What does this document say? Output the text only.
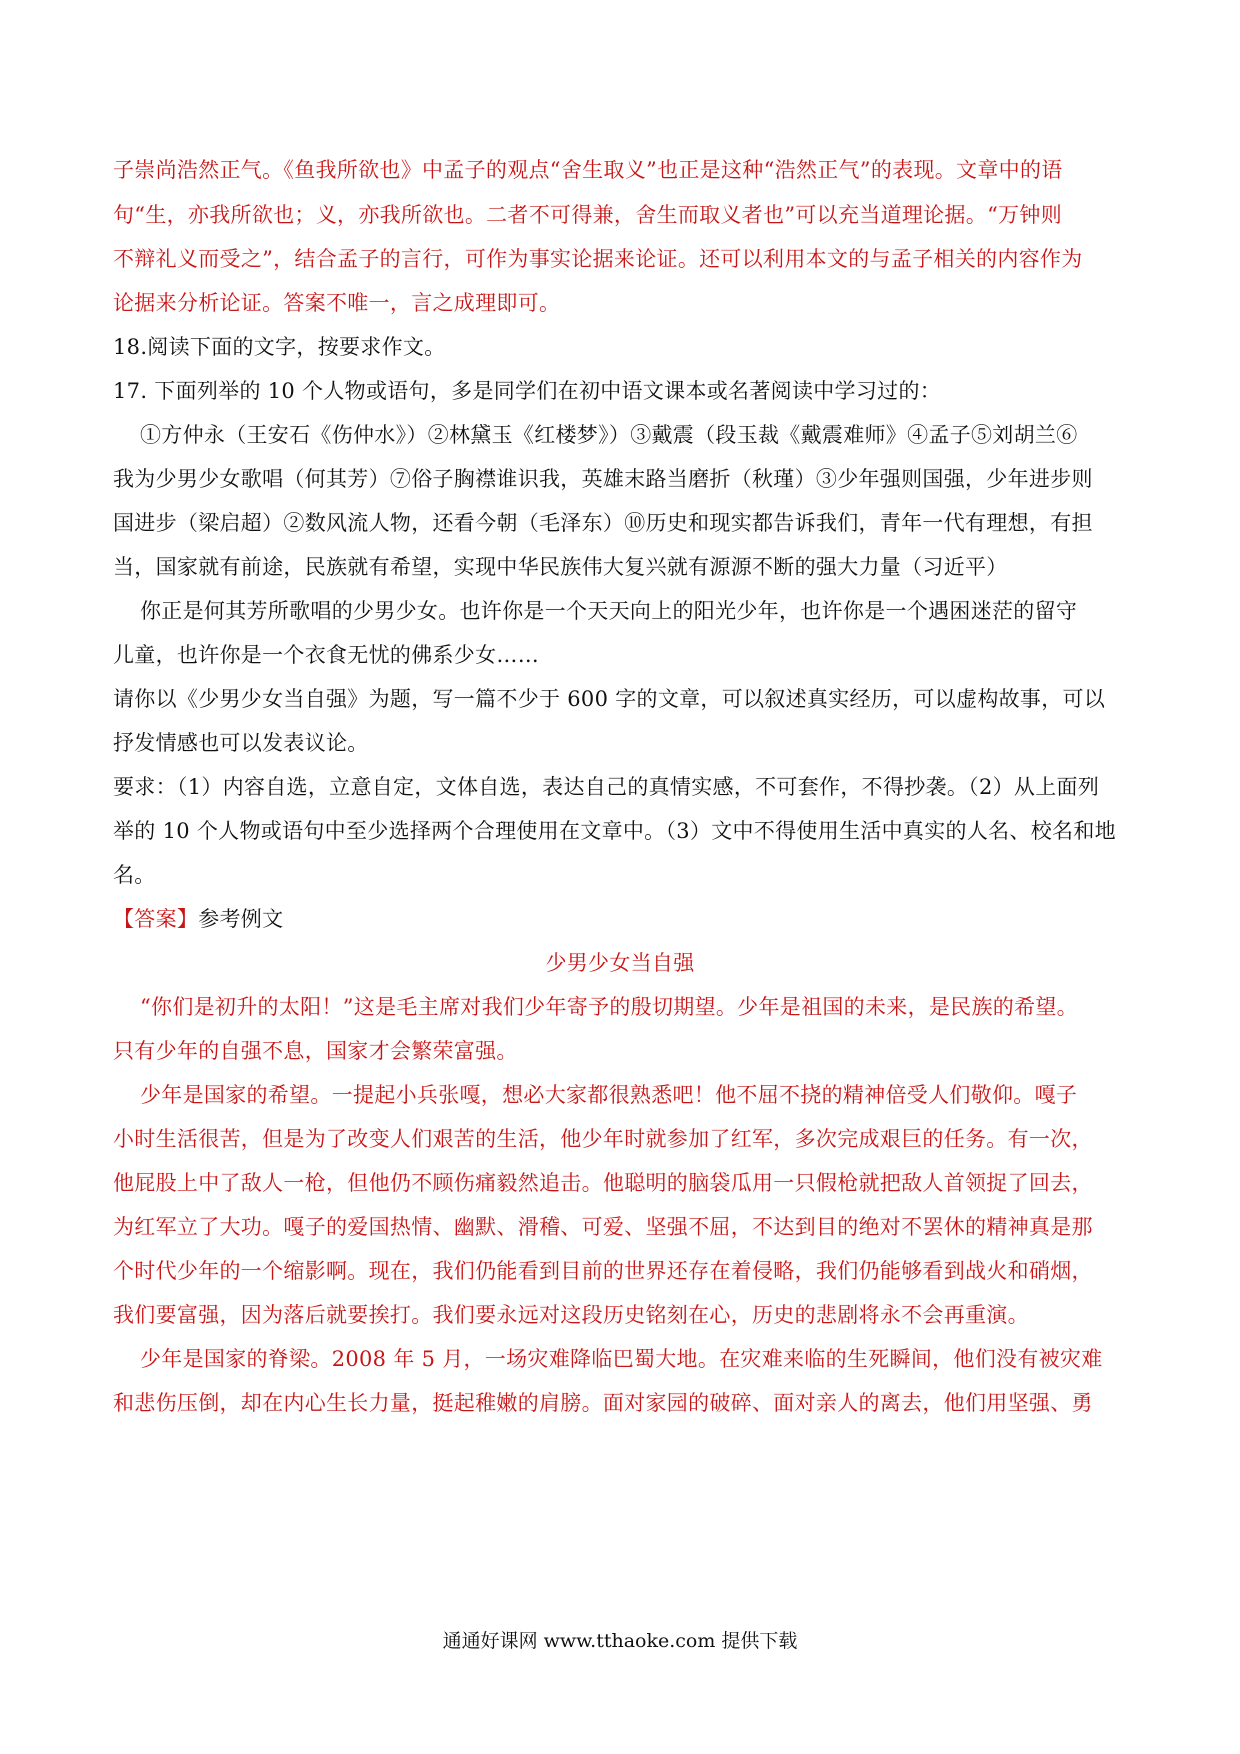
子崇尚浩然正气。《鱼我所欲也》中孟子的观点“舍生取义”也正是这种“浩然正气”的表现。文章中的语
句“生，亦我所欲也；义，亦我所欲也。二者不可得兼，舍生而取义者也”可以充当道理论据。“万钟则
不辩礼义而受之”，结合孟子的言行，可作为事实论据来论证。还可以利用本文的与孟子相关的内容作为
论据来分析论证。答案不唯一，言之成理即可。
18.阅读下面的文字，按要求作文。
17. 下面列举的 10 个人物或语句，多是同学们在初中语文课本或名著阅读中学习过的：
①方仲永（王安石《伤仲水》）②林黛玉《红楼梦》）③戴震（段玉裁《戴震难师》④孟子⑤刘胡兰⑥
我为少男少女歌唱（何其芳）⑦俗子胸襟谁识我，英雄末路当磨折（秋瑾）③少年强则国强，少年进步则
国进步（梁启超）②数风流人物，还看今朝（毛泽东）⑩历史和现实都告诉我们，青年一代有理想，有担
当，国家就有前途，民族就有希望，实现中华民族伟大复兴就有源源不断的强大力量（习近平）
你正是何其芳所歌唱的少男少女。也许你是一个天天向上的阳光少年，也许你是一个遇困迷茫的留守
儿童，也许你是一个衣食无忧的佛系少女……
请你以《少男少女当自强》为题，写一篇不少于 600 字的文章，可以叙述真实经历，可以虚构故事，可以
抒发情感也可以发表议论。
要求：（1）内容自选，立意自定，文体自选，表达自己的真情实感，不可套作，不得抄袭。（2）从上面列
举的 10 个人物或语句中至少选择两个合理使用在文章中。（3）文中不得使用生活中真实的人名、校名和地
名。
【答案】参考例文
少男少女当自强
“你们是初升的太阳！”这是毛主席对我们少年寄予的殷切期望。少年是祖国的未来，是民族的希望。
只有少年的自强不息，国家才会繁荣富强。
少年是国家的希望。一提起小兵张嘎，想必大家都很熟悉吧！他不屈不挠的精神倍受人们敬仰。嘎子
小时生活很苦，但是为了改变人们艰苦的生活，他少年时就参加了红军，多次完成艰巨的任务。有一次，
他屁股上中了敌人一枪，但他仍不顾伤痛毅然追击。他聪明的脑袋瓜用一只假枪就把敌人首领捉了回去，
为红军立了大功。嘎子的爱国热情、幽默、滑稽、可爱、坚强不屈，不达到目的绝对不罢休的精神真是那
个时代少年的一个缩影啊。现在，我们仍能看到目前的世界还存在着侵略，我们仍能够看到战火和硝烟，
我们要富强，因为落后就要挨打。我们要永远对这段历史铭刻在心，历史的悲剧将永不会再重演。
少年是国家的脊梁。2008 年 5 月，一场灾难降临巴蜀大地。在灾难来临的生死瞬间，他们没有被灾难
和悲伤压倒，却在内心生长力量，挺起稚嫩的肩膀。面对家园的破碎、面对亲人的离去，他们用坚强、勇
通通好课网 www.tthaoke.com 提供下载
